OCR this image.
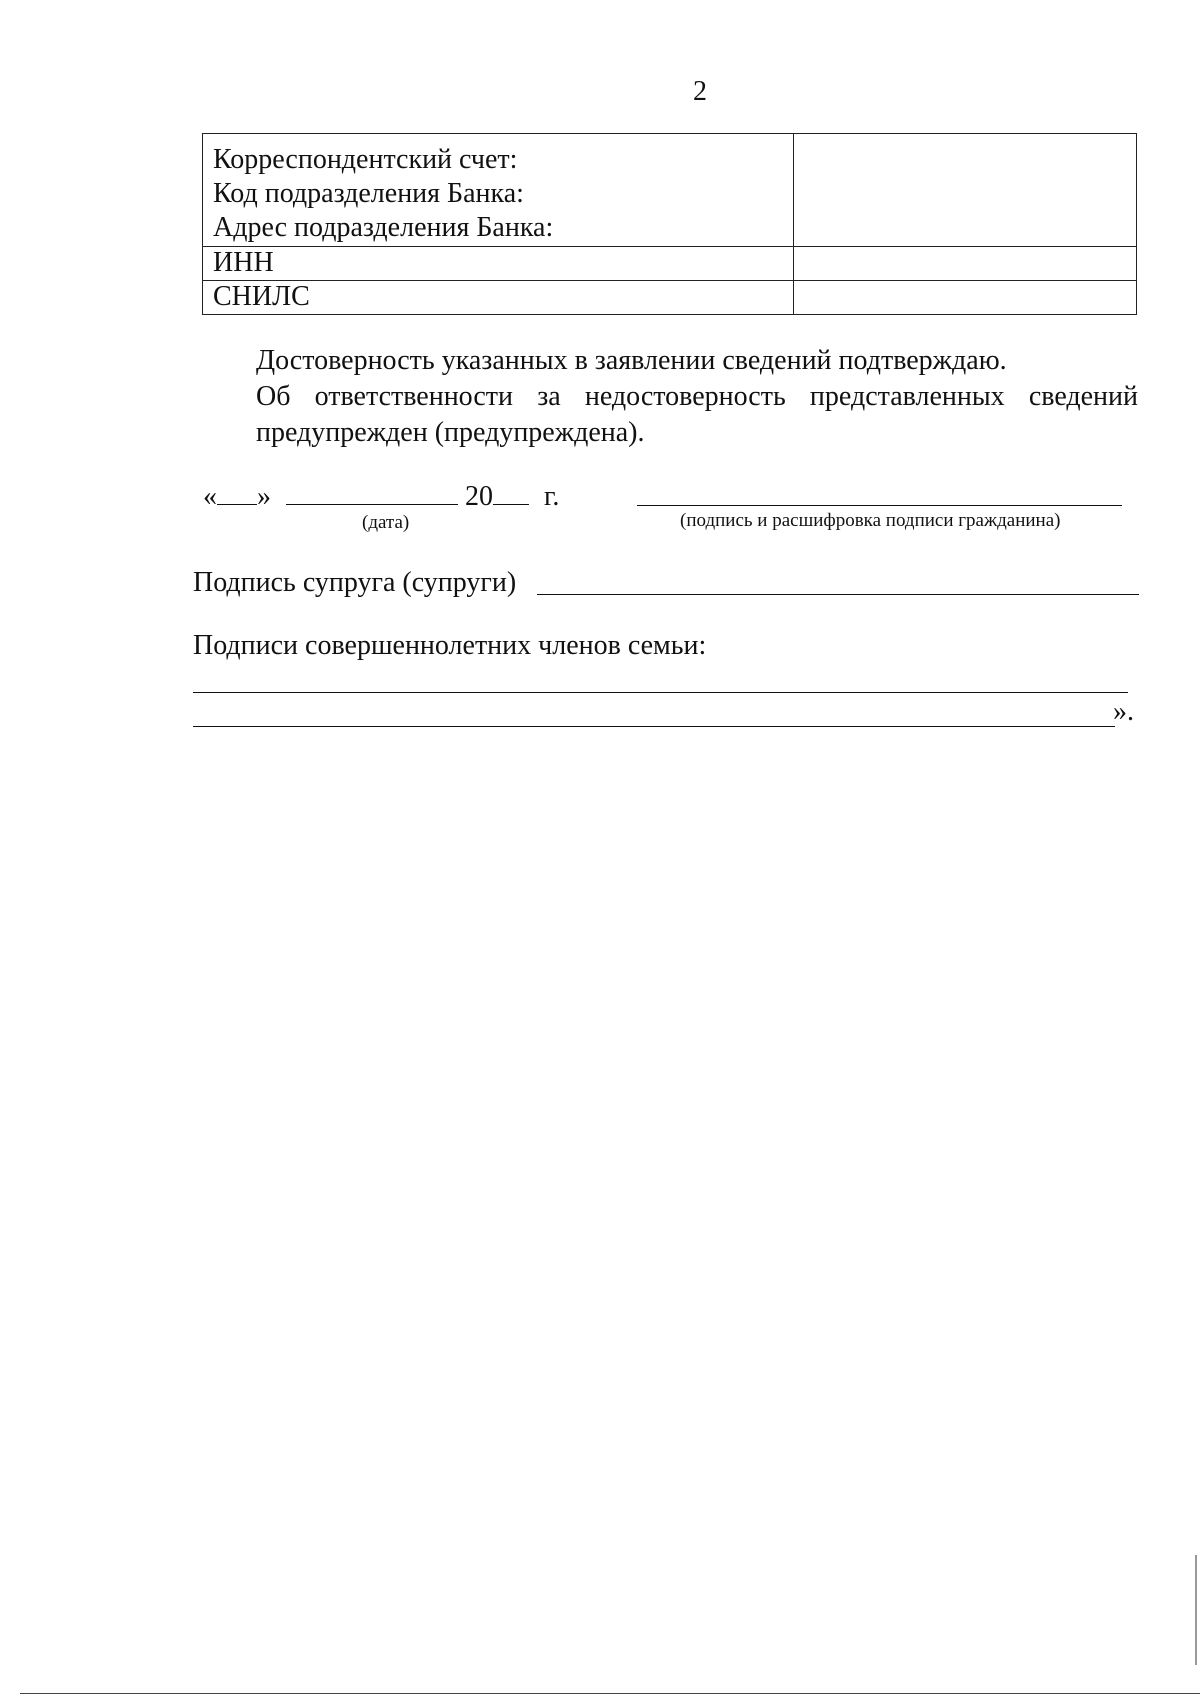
2
Корреспондентский счет:
Код подразделения Банка:
Адрес подразделения Банка:	

ИНН	
СНИЛС	
Достоверность указанных в заявлении сведений подтверждаю.
Об ответственности за недостоверность представленных сведений предупрежден (предупреждена).
« »	20 г.
(дата)	(подпись и расшифровка подписи гражданина)
Подпись супруга (супруги)
Подписи совершеннолетних членов семьи:
».
